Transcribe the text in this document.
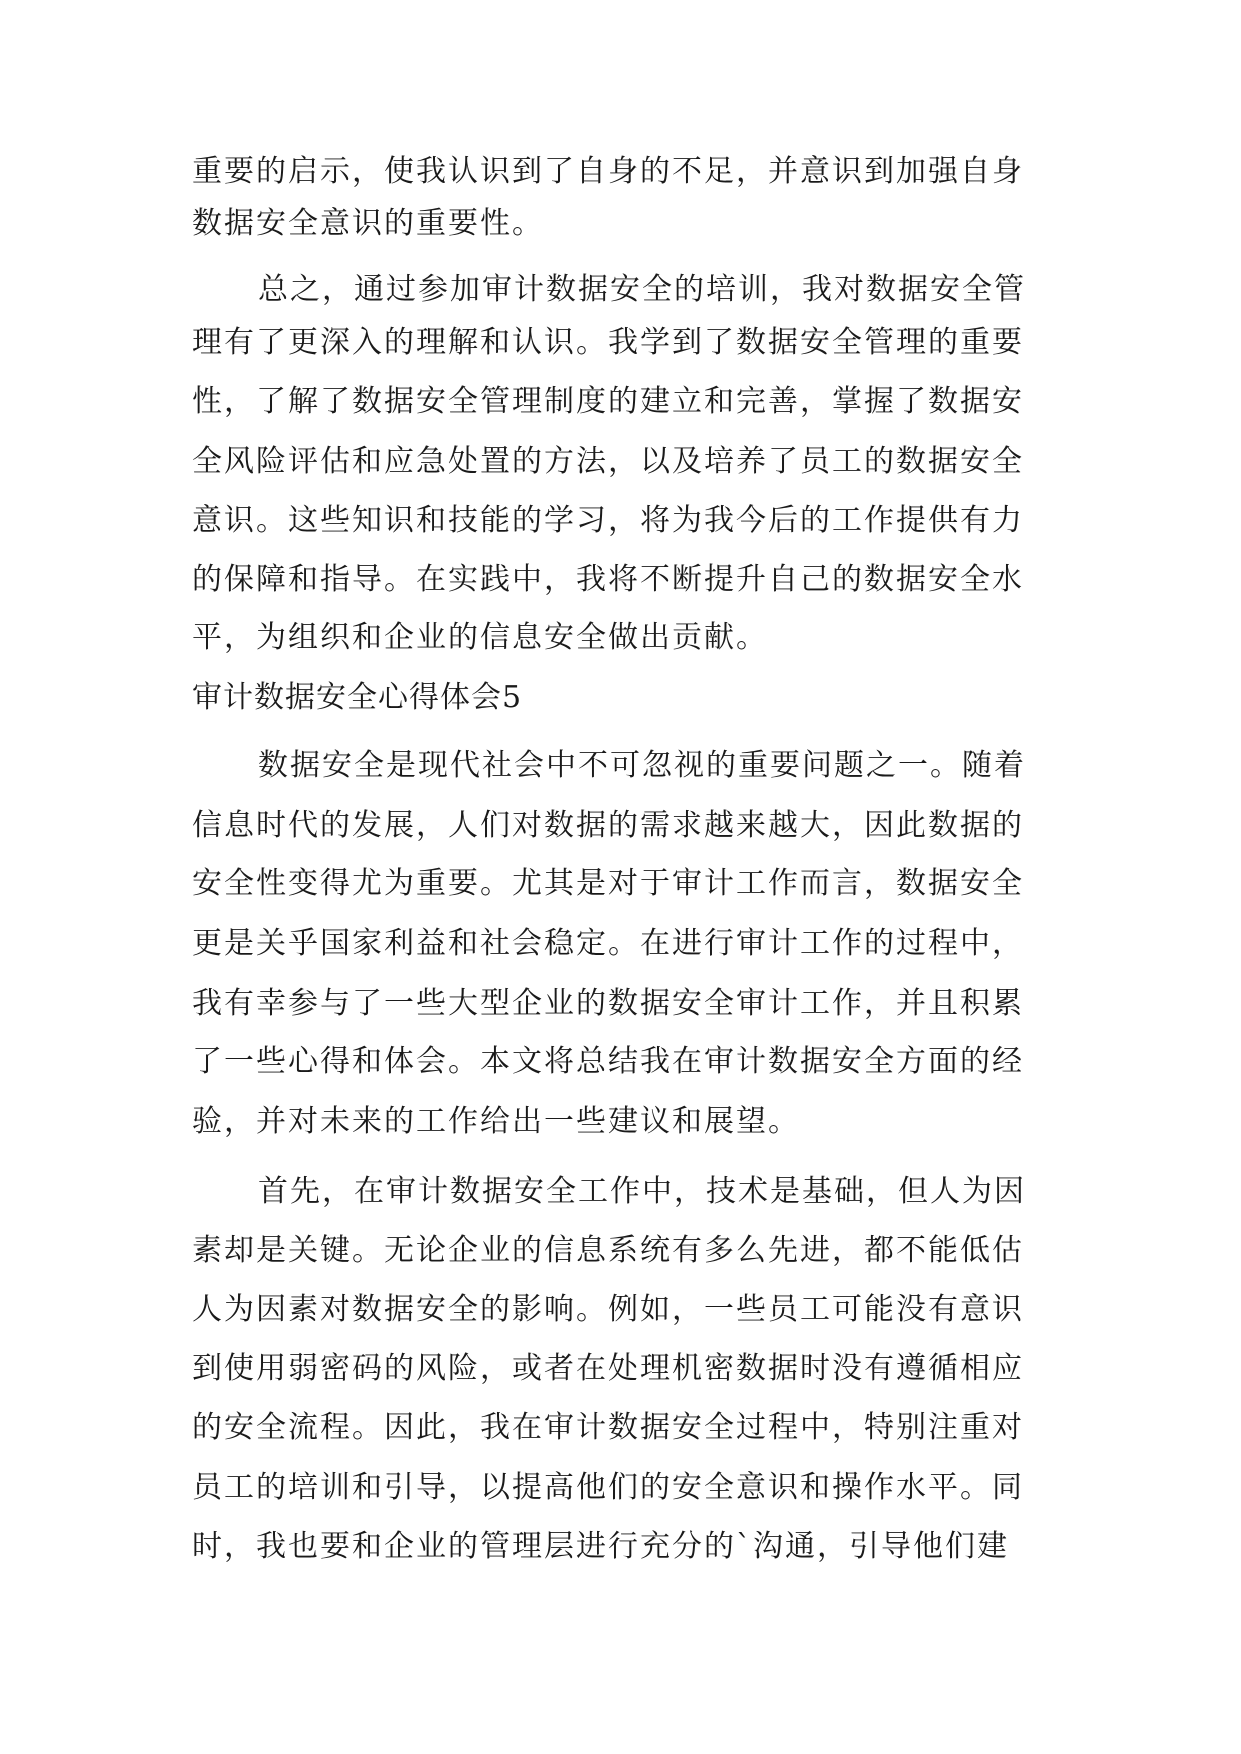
重要的启示，使我认识到了自身的不足，并意识到加强自身
数据安全意识的重要性。
总之，通过参加审计数据安全的培训，我对数据安全管
理有了更深入的理解和认识。我学到了数据安全管理的重要
性，了解了数据安全管理制度的建立和完善，掌握了数据安
全风险评估和应急处置的方法，以及培养了员工的数据安全
意识。这些知识和技能的学习，将为我今后的工作提供有力
的保障和指导。在实践中，我将不断提升自己的数据安全水
平，为组织和企业的信息安全做出贡献。
审计数据安全心得体会5
数据安全是现代社会中不可忽视的重要问题之一。随着
信息时代的发展，人们对数据的需求越来越大，因此数据的
安全性变得尤为重要。尤其是对于审计工作而言，数据安全
更是关乎国家利益和社会稳定。在进行审计工作的过程中，
我有幸参与了一些大型企业的数据安全审计工作，并且积累
了一些心得和体会。本文将总结我在审计数据安全方面的经
验，并对未来的工作给出一些建议和展望。
首先，在审计数据安全工作中，技术是基础，但人为因
素却是关键。无论企业的信息系统有多么先进，都不能低估
人为因素对数据安全的影响。例如，一些员工可能没有意识
到使用弱密码的风险，或者在处理机密数据时没有遵循相应
的安全流程。因此，我在审计数据安全过程中，特别注重对
员工的培训和引导，以提高他们的安全意识和操作水平。同
时，我也要和企业的管理层进行充分的`沟通，引导他们建
